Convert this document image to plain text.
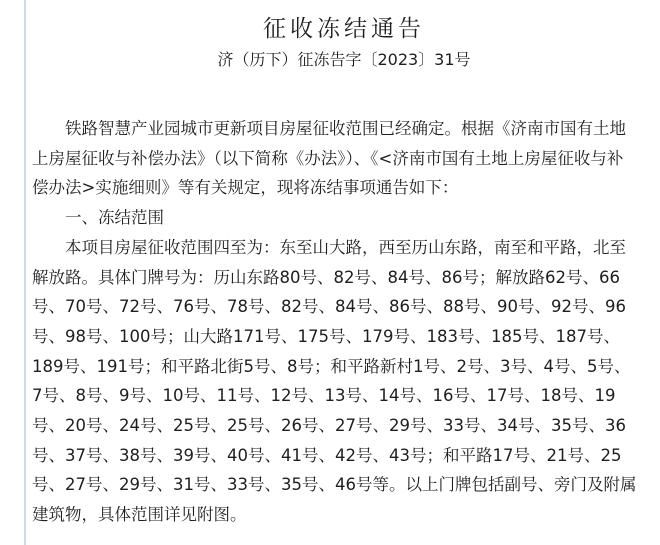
征收冻结通告
济（历下）征冻告字〔2023〕31号

铁路智慧产业园城市更新项目房屋征收范围已经确定。根据《济南市国有土地上房屋征收与补偿办法》（以下简称《办法》）、《<济南市国有土地上房屋征收与补偿办法>实施细则》等有关规定，现将冻结事项通告如下：

一、冻结范围

本项目房屋征收范围四至为：东至山大路，西至历山东路，南至和平路，北至解放路。具体门牌号为：历山东路80号、82号、84号、86号；解放路62号、66号、70号、72号、76号、78号、82号、84号、86号、88号、90号、92号、96号、98号、100号；山大路171号、175号、179号、183号、185号、187号、189号、191号；和平路北街5号、8号；和平路新村1号、2号、3号、4号、5号、7号、8号、9号、10号、11号、12号、13号、14号、16号、17号、18号、19号、20号、24号、25号、25号、26号、27号、29号、33号、34号、35号、36号、37号、38号、39号、40号、41号、42号、43号；和平路17号、21号、25号、27号、29号、31号、33号、35号、46号等。以上门牌包括副号、旁门及附属建筑物，具体范围详见附图。
